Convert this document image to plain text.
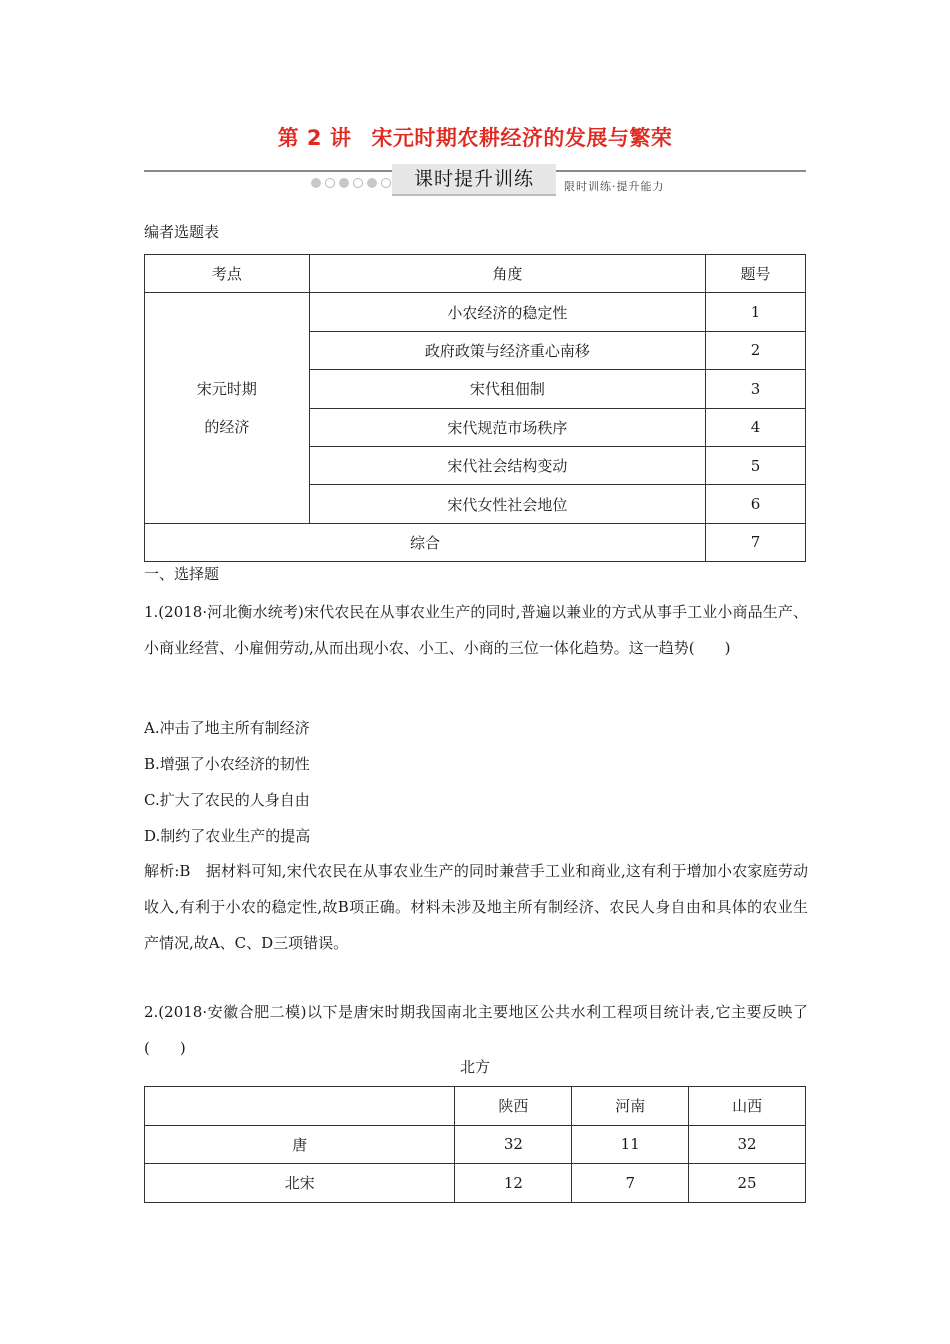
第 2 讲 宋元时期农耕经济的发展与繁荣
课时提升训练	限时训练·提升能力
编者选题表
考点	角度	题号

宋元时期
的经济	小农经济的稳定性	1
	政府政策与经济重心南移	2
	宋代租佃制	3
	宋代规范市场秩序	4
	宋代社会结构变动	5
	宋代女性社会地位	6
综合		7
一、选择题
1.(2018·河北衡水统考)宋代农民在从事农业生产的同时,普遍以兼业的方式从事手工业小商品生产、小商业经营、小雇佣劳动,从而出现小农、小工、小商的三位一体化趋势。这一趋势(　　)
A.冲击了地主所有制经济
B.增强了小农经济的韧性
C.扩大了农民的人身自由
D.制约了农业生产的提高
解析:B　据材料可知,宋代农民在从事农业生产的同时兼营手工业和商业,这有利于增加小农家庭劳动收入,有利于小农的稳定性,故B项正确。材料未涉及地主所有制经济、农民人身自由和具体的农业生产情况,故A、C、D三项错误。
2.(2018·安徽合肥二模)以下是唐宋时期我国南北主要地区公共水利工程项目统计表,它主要反映了(　　)
北方
	陕西	河南	山西
唐	32	11	32
北宋	12	7	25
